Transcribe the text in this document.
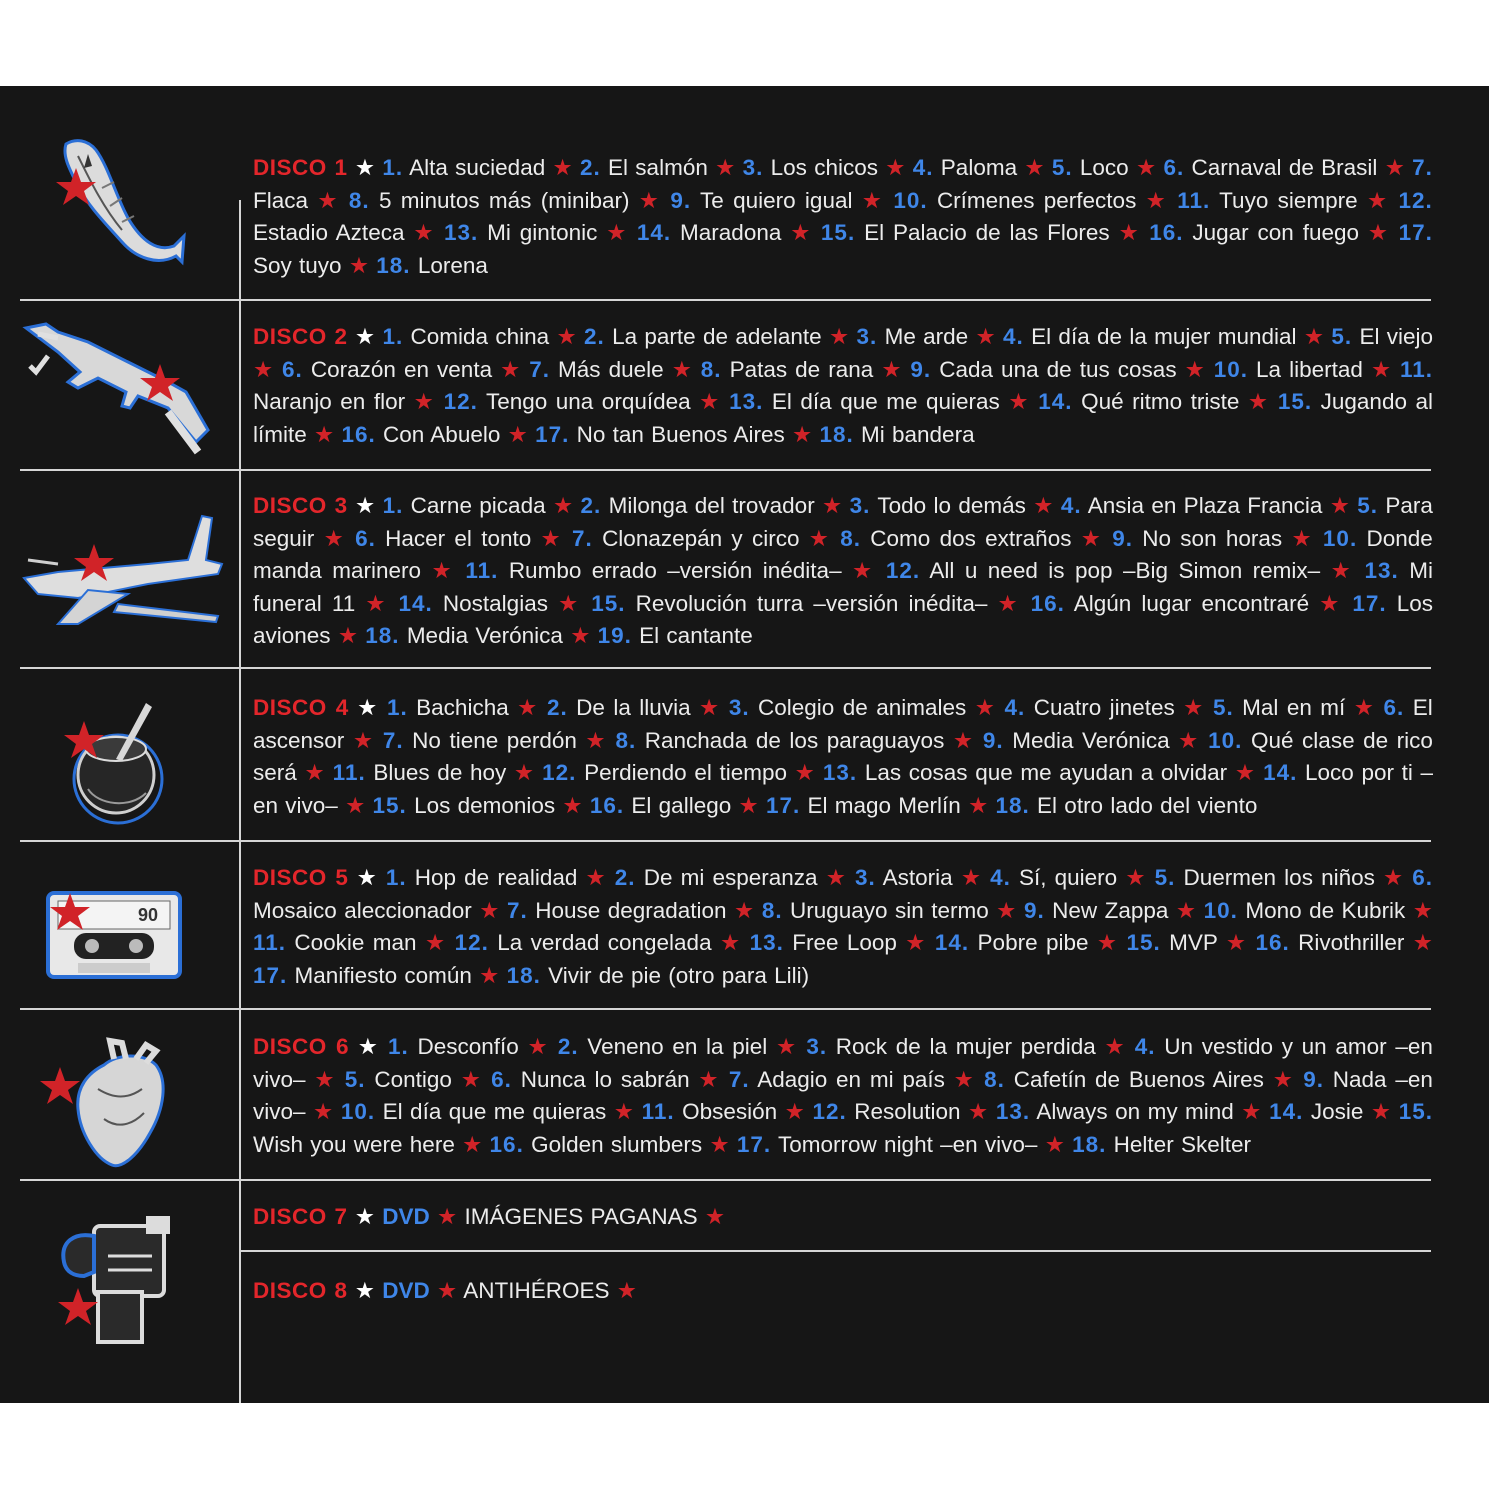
90
DISCO 1 ★ 1. Alta suciedad ★ 2. El salmón ★ 3. Los chicos ★ 4. Paloma ★ 5. Loco ★ 6. Carnaval de Brasil ★ 7. Flaca ★ 8. 5 minutos más (minibar) ★ 9. Te quiero igual ★ 10. Crímenes perfectos ★ 11. Tuyo siempre ★ 12. Estadio Azteca ★ 13. Mi gintonic ★ 14. Maradona ★ 15. El Palacio de las Flores ★ 16. Jugar con fuego ★ 17. Soy tuyo ★ 18. Lorena
DISCO 2 ★ 1. Comida china ★ 2. La parte de adelante ★ 3. Me arde ★ 4. El día de la mujer mundial ★ 5. El viejo ★ 6. Corazón en venta ★ 7. Más duele ★ 8. Patas de rana ★ 9. Cada una de tus cosas ★ 10. La libertad ★ 11. Naranjo en flor ★ 12. Tengo una orquídea ★ 13. El día que me quieras ★ 14. Qué ritmo triste ★ 15. Jugando al límite ★ 16. Con Abuelo ★ 17. No tan Buenos Aires ★ 18. Mi bandera
DISCO 3 ★ 1. Carne picada ★ 2. Milonga del trovador ★ 3. Todo lo demás ★ 4. Ansia en Plaza Francia ★ 5. Para seguir ★ 6. Hacer el tonto ★ 7. Clonazepán y circo ★ 8. Como dos extraños ★ 9. No son horas ★ 10. Donde manda marinero ★ 11. Rumbo errado –versión inédita– ★ 12. All u need is pop –Big Simon remix– ★ 13. Mi funeral 11 ★ 14. Nostalgias ★ 15. Revolución turra –versión inédita– ★ 16. Algún lugar encontraré ★ 17. Los aviones ★ 18. Media Verónica ★ 19. El cantante
DISCO 4 ★ 1. Bachicha ★ 2. De la lluvia ★ 3. Colegio de animales ★ 4. Cuatro jinetes ★ 5. Mal en mí ★ 6. El ascensor ★ 7. No tiene perdón ★ 8. Ranchada de los paraguayos ★ 9. Media Verónica ★ 10. Qué clase de rico será ★ 11. Blues de hoy ★ 12. Perdiendo el tiempo ★ 13. Las cosas que me ayudan a olvidar ★ 14. Loco por ti –en vivo– ★ 15. Los demonios ★ 16. El gallego ★ 17. El mago Merlín ★ 18. El otro lado del viento
DISCO 5 ★ 1. Hop de realidad ★ 2. De mi esperanza ★ 3. Astoria ★ 4. Sí, quiero ★ 5. Duermen los niños ★ 6. Mosaico aleccionador ★ 7. House degradation ★ 8. Uruguayo sin termo ★ 9. New Zappa ★ 10. Mono de Kubrik ★ 11. Cookie man ★ 12. La verdad congelada ★ 13. Free Loop ★ 14. Pobre pibe ★ 15. MVP ★ 16. Rivothriller ★ 17. Manifiesto común ★ 18. Vivir de pie (otro para Lili)
DISCO 6 ★ 1. Desconfío ★ 2. Veneno en la piel ★ 3. Rock de la mujer perdida ★ 4. Un vestido y un amor –en vivo– ★ 5. Contigo ★ 6. Nunca lo sabrán ★ 7. Adagio en mi país ★ 8. Cafetín de Buenos Aires ★ 9. Nada –en vivo– ★ 10. El día que me quieras ★ 11. Obsesión ★ 12. Resolution ★ 13. Always on my mind ★ 14. Josie ★ 15. Wish you were here ★ 16. Golden slumbers ★ 17. Tomorrow night –en vivo– ★ 18. Helter Skelter
DISCO 7 ★ DVD ★ IMÁGENES PAGANAS ★
DISCO 8 ★ DVD ★ ANTIHÉROES ★
